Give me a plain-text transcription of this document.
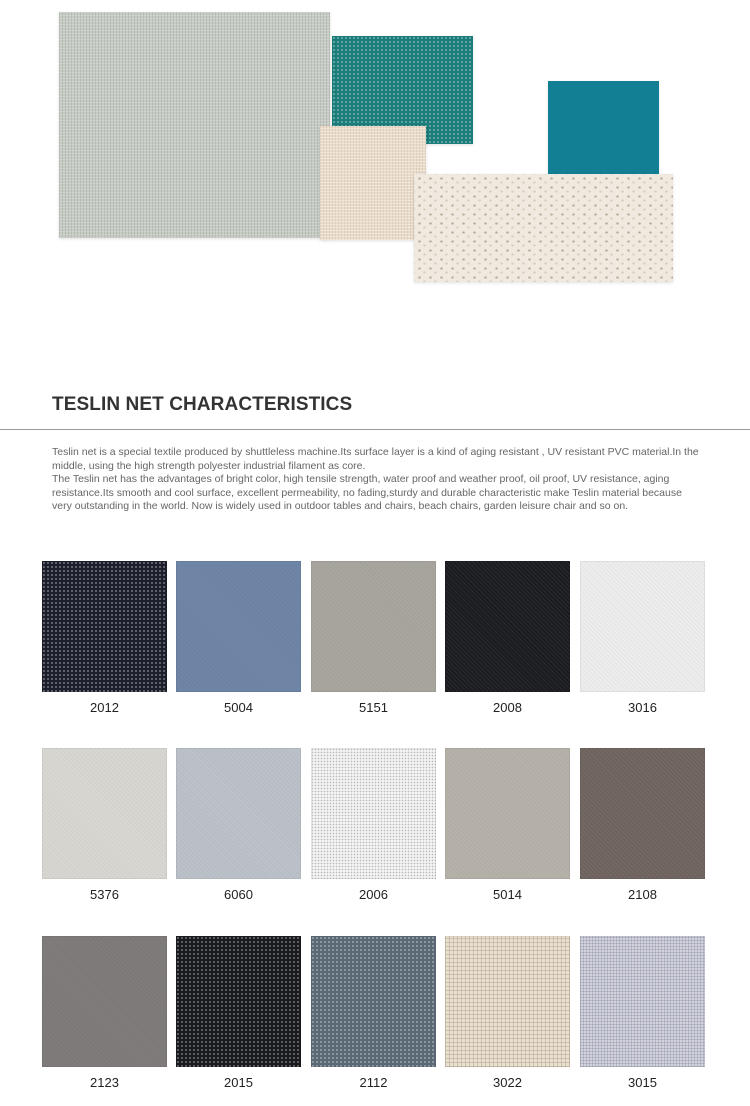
TESLIN NET CHARACTERISTICS

Teslin net is a special textile produced by shuttleless machine.Its surface layer is a kind of aging resistant , UV resistant PVC material.In the middle, using the high strength polyester industrial filament as core.

The Teslin net has the advantages of bright color, high tensile strength, water proof and weather proof, oil proof, UV resistance, aging resistance.Its smooth and cool surface, excellent permeability, no fading,sturdy and durable characteristic make Teslin material because very outstanding in the world. Now is widely used in outdoor tables and chairs, beach chairs, garden leisure chair and so on.

2012	5004	5151	2008	3016
5376	6060	2006	5014	2108
2123	2015	2112	3022	3015
